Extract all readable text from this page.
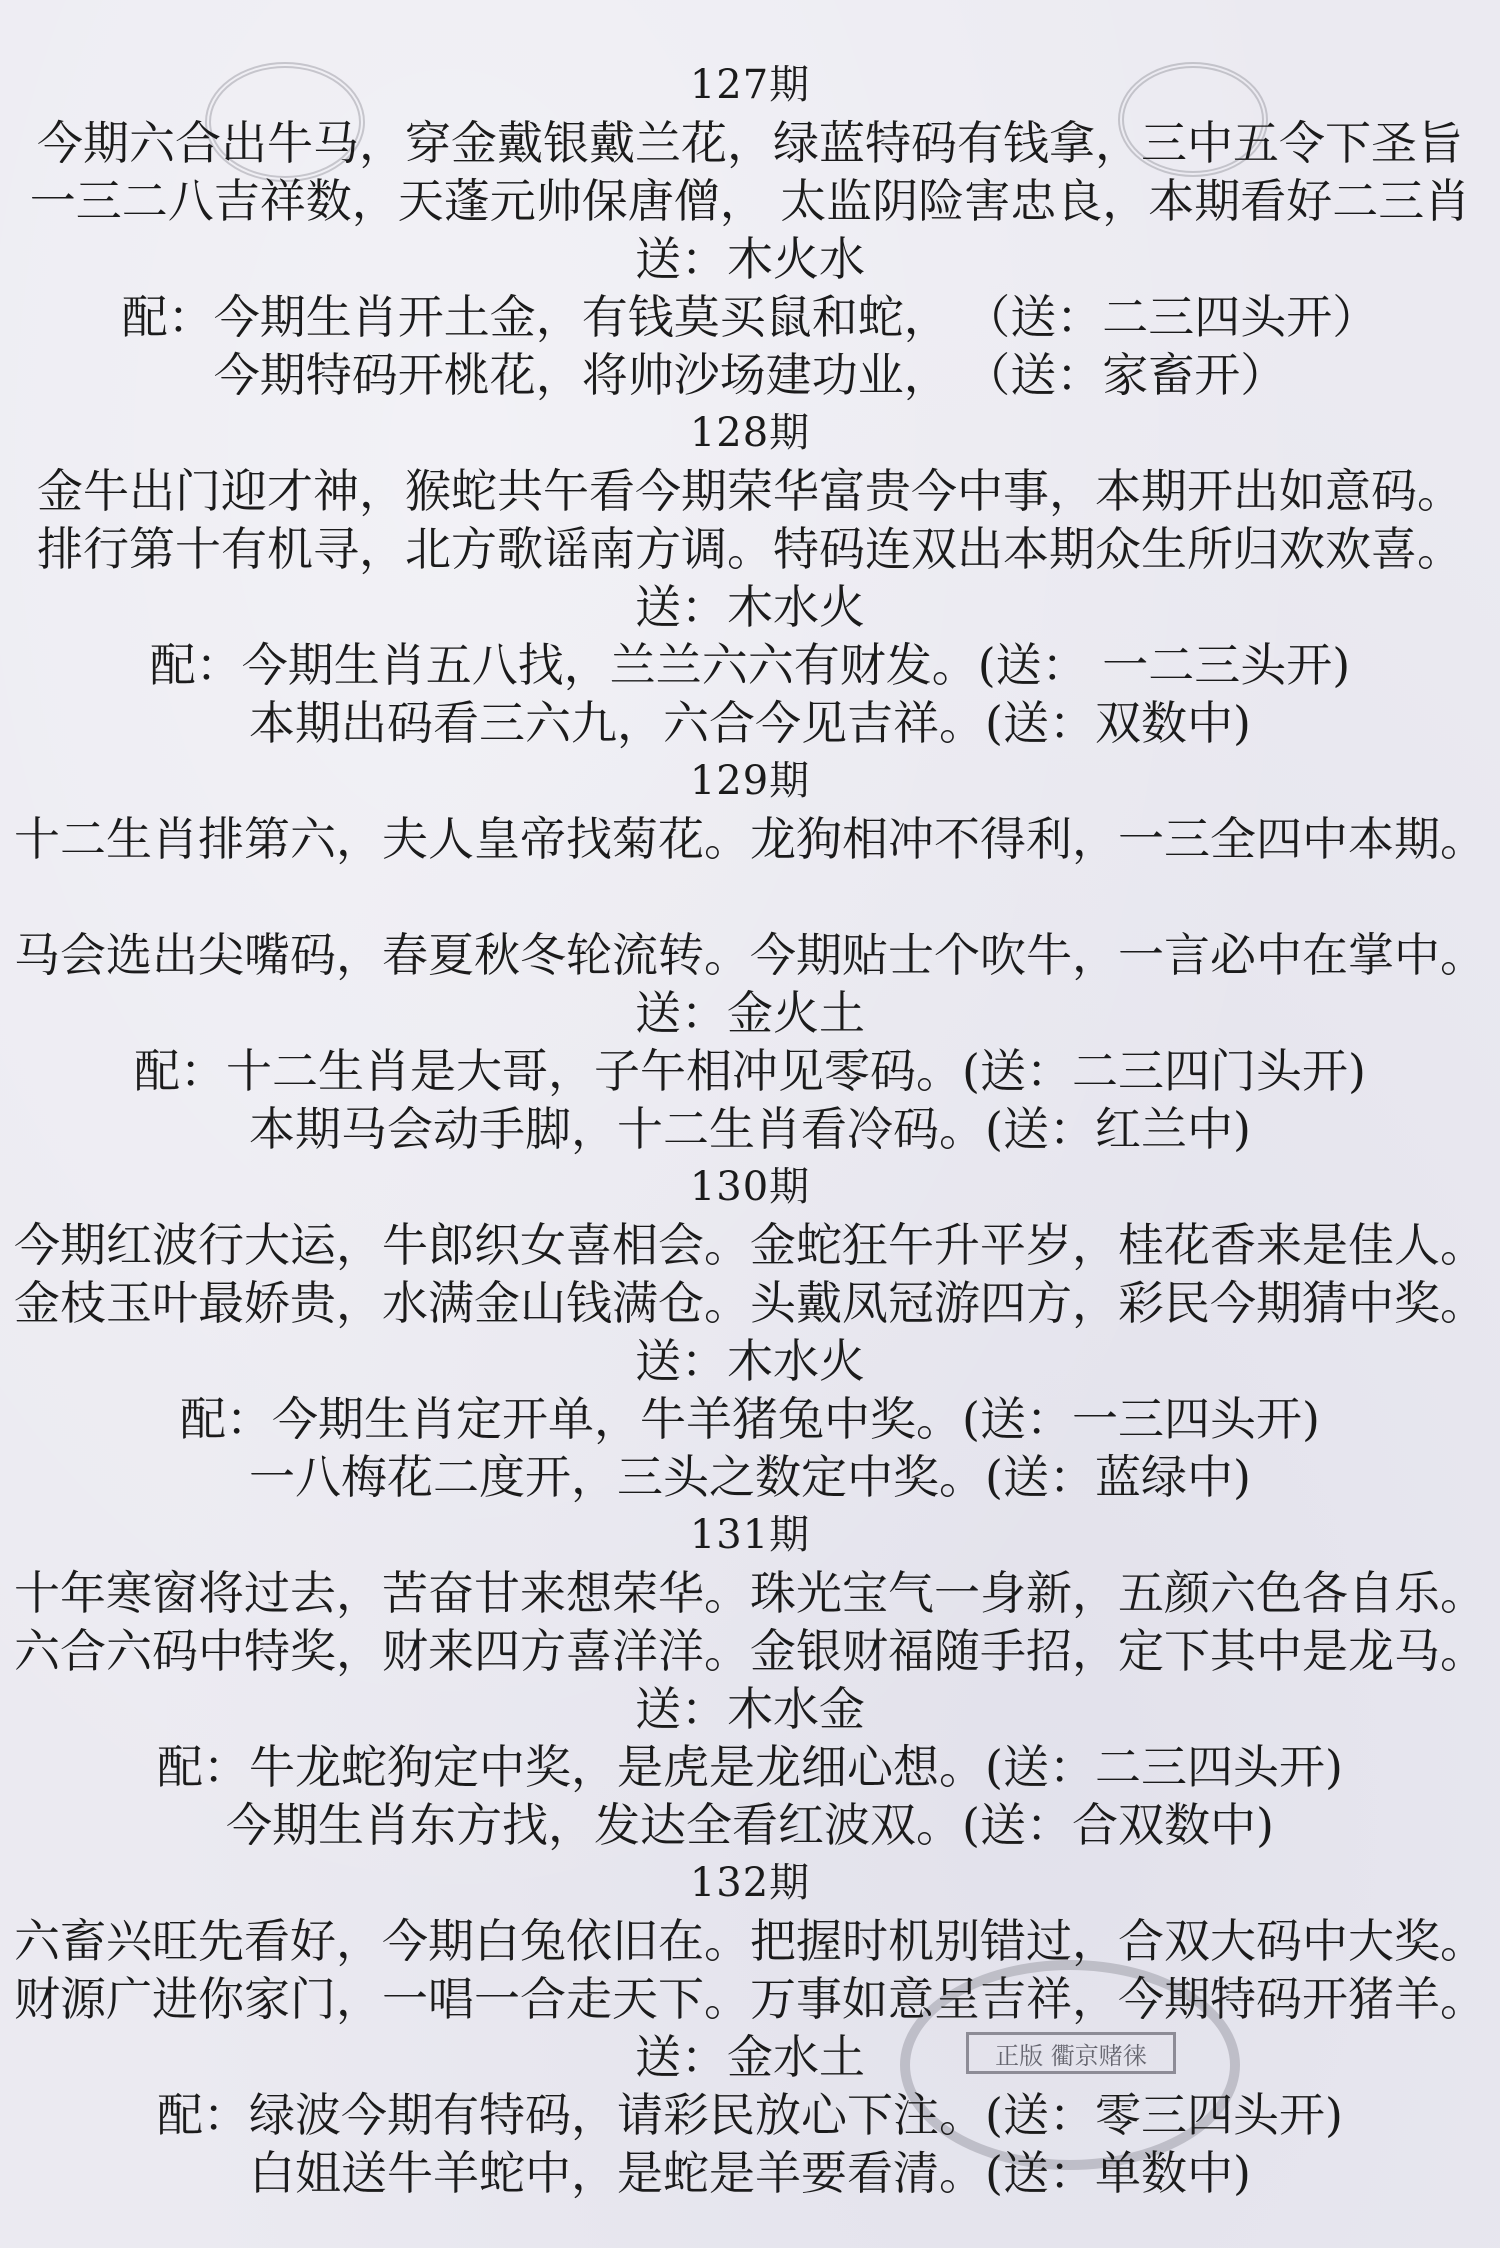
正版 衢京赌徕
127期
今期六合出牛马，穿金戴银戴兰花，绿蓝特码有钱拿，三中五令下圣旨
一三二八吉祥数，天蓬元帅保唐僧， 太监阴险害忠良，本期看好二三肖
送：木火水
配：今期生肖开土金，有钱莫买鼠和蛇， （送：二三四头开）
今期特码开桃花，将帅沙场建功业， （送：家畜开）
128期
金牛出门迎才神，猴蛇共午看今期荣华富贵今中事，本期开出如意码。
排行第十有机寻，北方歌谣南方调。特码连双出本期众生所归欢欢喜。
送：木水火
配：今期生肖五八找，兰兰六六有财发。(送： 一二三头开)
本期出码看三六九，六合今见吉祥。(送：双数中)
129期
十二生肖排第六，夫人皇帝找菊花。龙狗相冲不得利，一三全四中本期。
马会选出尖嘴码，春夏秋冬轮流转。今期贴士个吹牛，一言必中在掌中。
送：金火土
配：十二生肖是大哥，子午相冲见零码。(送：二三四门头开)
本期马会动手脚，十二生肖看冷码。(送：红兰中)
130期
今期红波行大运，牛郎织女喜相会。金蛇狂午升平岁，桂花香来是佳人。
金枝玉叶最娇贵，水满金山钱满仓。头戴凤冠游四方，彩民今期猜中奖。
送：木水火
配：今期生肖定开单，牛羊猪兔中奖。(送：一三四头开)
一八梅花二度开，三头之数定中奖。(送：蓝绿中)
131期
十年寒窗将过去，苦奋甘来想荣华。珠光宝气一身新，五颜六色各自乐。
六合六码中特奖，财来四方喜洋洋。金银财福随手招，定下其中是龙马。
送：木水金
配：牛龙蛇狗定中奖，是虎是龙细心想。(送：二三四头开)
今期生肖东方找，发达全看红波双。(送：合双数中)
132期
六畜兴旺先看好，今期白兔依旧在。把握时机别错过，合双大码中大奖。
财源广进你家门，一唱一合走天下。万事如意呈吉祥，今期特码开猪羊。
送：金水土
配：绿波今期有特码，请彩民放心下注。(送：零三四头开)
白姐送牛羊蛇中，是蛇是羊要看清。(送：单数中)
